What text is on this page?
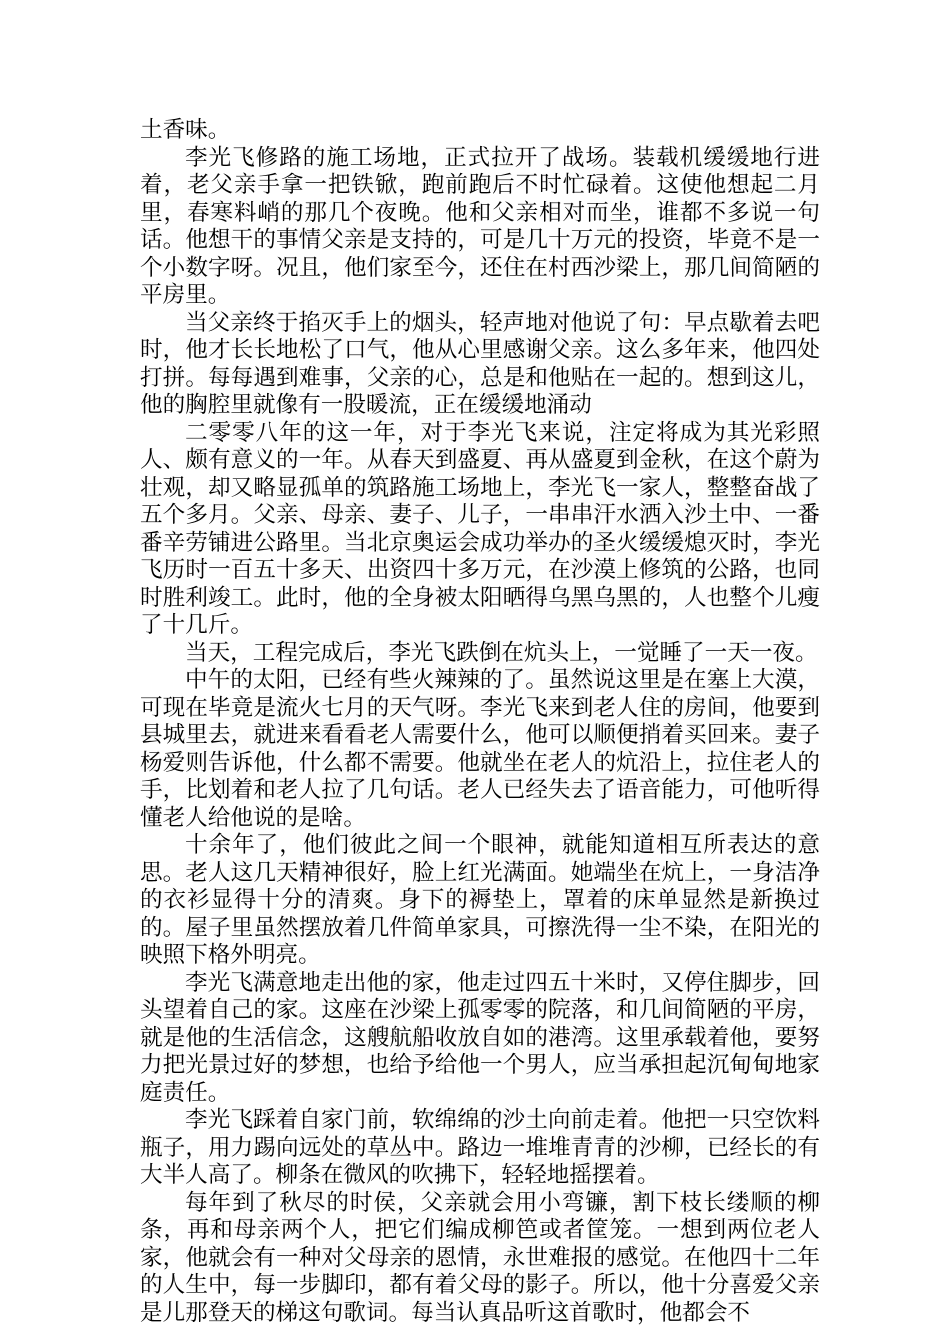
土香味。

李光飞修路的施工场地，正式拉开了战场。装载机缓缓地行进着，老父亲手拿一把铁锨，跑前跑后不时忙碌着。这使他想起二月里，春寒料峭的那几个夜晚。他和父亲相对而坐，谁都不多说一句话。他想干的事情父亲是支持的，可是几十万元的投资，毕竟不是一个小数字呀。况且，他们家至今，还住在村西沙梁上，那几间简陋的平房里。

当父亲终于掐灭手上的烟头，轻声地对他说了句：早点歇着去吧时，他才长长地松了口气，他从心里感谢父亲。这么多年来，他四处打拼。每每遇到难事，父亲的心，总是和他贴在一起的。想到这儿，他的胸腔里就像有一股暖流，正在缓缓地涌动

二零零八年的这一年，对于李光飞来说，注定将成为其光彩照人、颇有意义的一年。从春天到盛夏、再从盛夏到金秋，在这个蔚为壮观，却又略显孤单的筑路施工场地上，李光飞一家人，整整奋战了五个多月。父亲、母亲、妻子、儿子，一串串汗水洒入沙土中、一番番辛劳铺进公路里。当北京奥运会成功举办的圣火缓缓熄灭时，李光飞历时一百五十多天、出资四十多万元，在沙漠上修筑的公路，也同时胜利竣工。此时，他的全身被太阳晒得乌黑乌黑的，人也整个儿瘦了十几斤。

当天，工程完成后，李光飞跌倒在炕头上，一觉睡了一天一夜。

中午的太阳，已经有些火辣辣的了。虽然说这里是在塞上大漠，可现在毕竟是流火七月的天气呀。李光飞来到老人住的房间，他要到县城里去，就进来看看老人需要什么，他可以顺便捎着买回来。妻子杨爱则告诉他，什么都不需要。他就坐在老人的炕沿上，拉住老人的手，比划着和老人拉了几句话。老人已经失去了语音能力，可他听得懂老人给他说的是啥。

十余年了，他们彼此之间一个眼神，就能知道相互所表达的意思。老人这几天精神很好，脸上红光满面。她端坐在炕上，一身洁净的衣衫显得十分的清爽。身下的褥垫上，罩着的床单显然是新换过的。屋子里虽然摆放着几件简单家具，可擦洗得一尘不染，在阳光的映照下格外明亮。

李光飞满意地走出他的家，他走过四五十米时，又停住脚步，回头望着自己的家。这座在沙梁上孤零零的院落，和几间简陋的平房，就是他的生活信念，这艘航船收放自如的港湾。这里承载着他，要努力把光景过好的梦想，也给予给他一个男人，应当承担起沉甸甸地家庭责任。

李光飞踩着自家门前，软绵绵的沙土向前走着。他把一只空饮料瓶子，用力踢向远处的草丛中。路边一堆堆青青的沙柳，已经长的有大半人高了。柳条在微风的吹拂下，轻轻地摇摆着。

每年到了秋尽的时侯，父亲就会用小弯镰，割下枝长缕顺的柳条，再和母亲两个人，把它们编成柳笆或者筐笼。一想到两位老人家，他就会有一种对父母亲的恩情，永世难报的感觉。在他四十二年的人生中，每一步脚印，都有着父母的影子。所以，他十分喜爱父亲是儿那登天的梯这句歌词。每当认真品听这首歌时，他都会不
